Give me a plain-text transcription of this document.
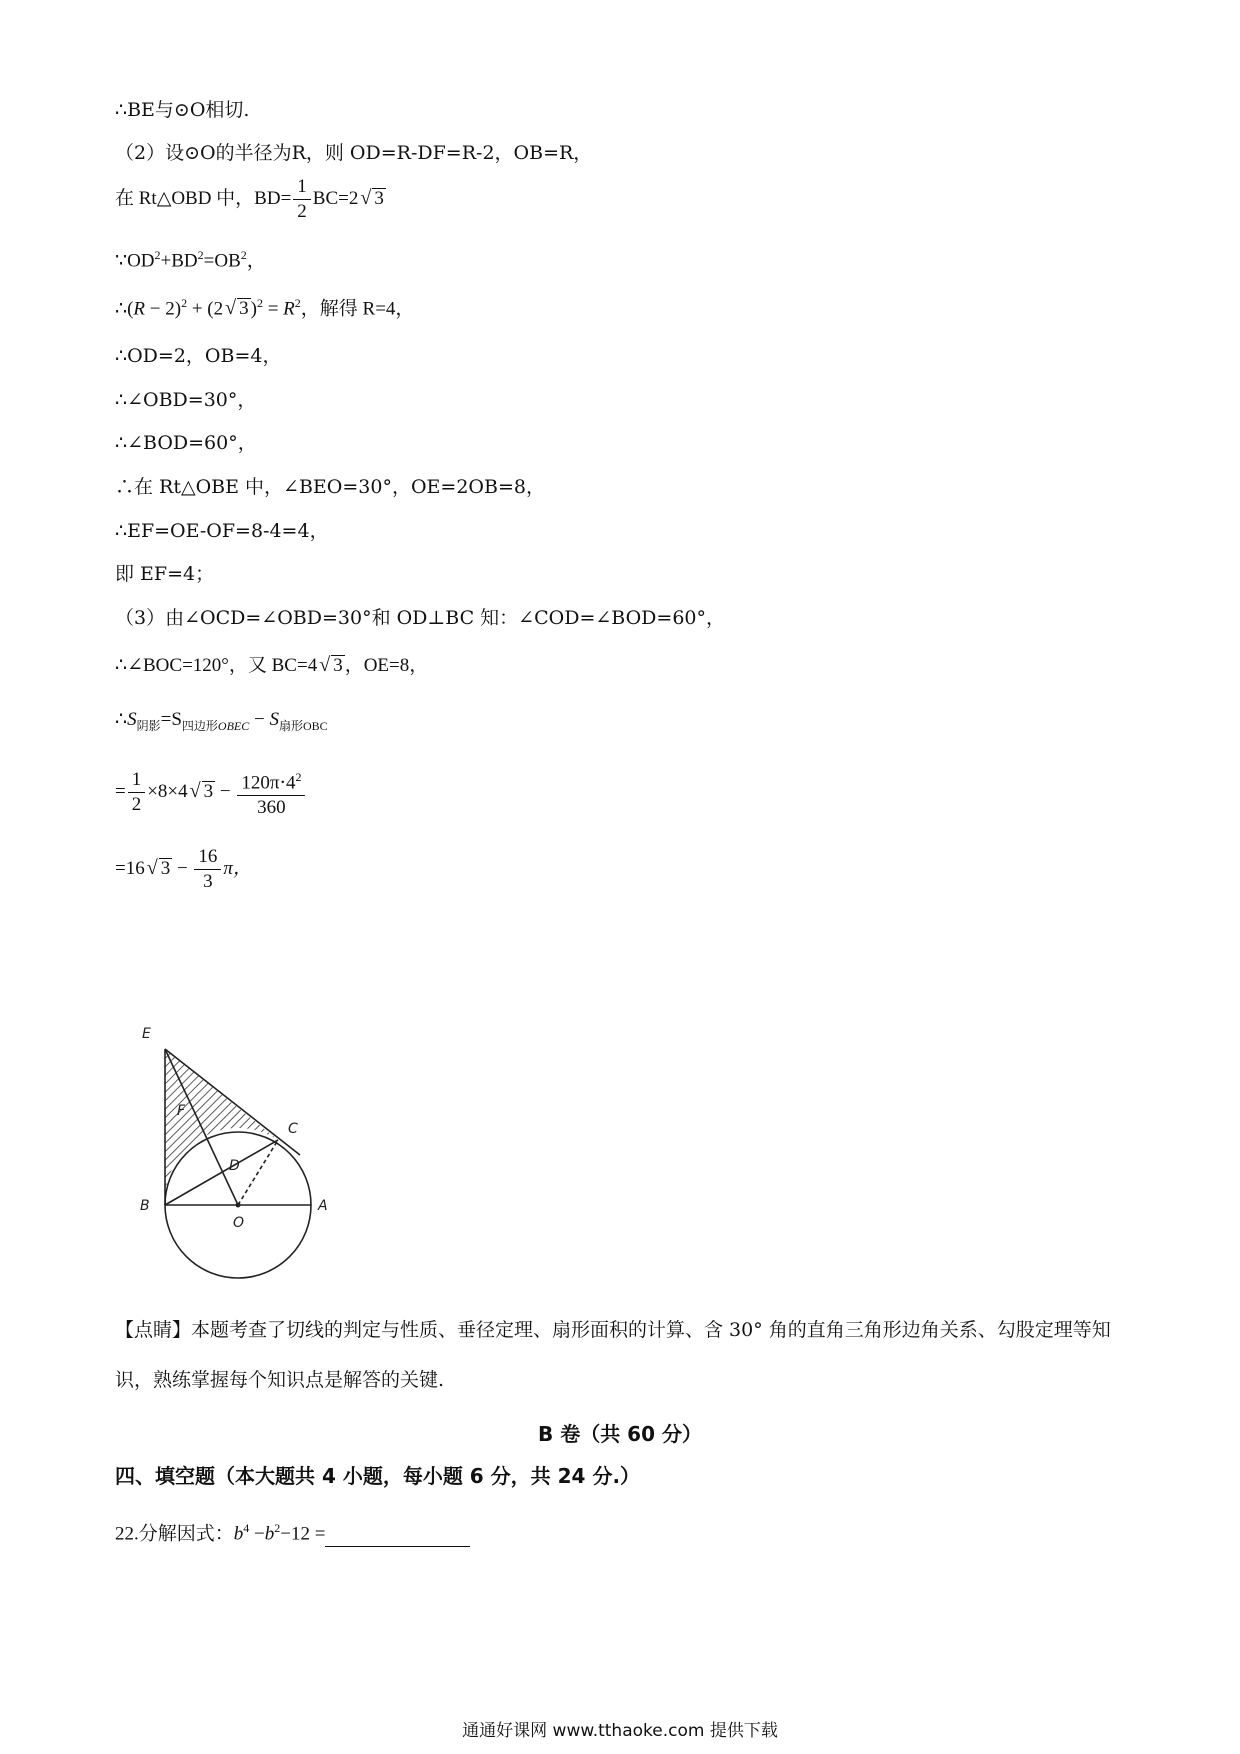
∴BE与⊙O相切.
（2）设⊙O的半径为R，则 OD=R-DF=R-2，OB=R，
在 Rt△OBD 中，$BD= \frac{1}{2} BC=2$ √ 3
$\because OD^2+BD^2=OB^2$，
∴(R − 2)$^2$ + (2 √ 3 )$^2 = R^2$，解得 R=4，
∴OD=2，OB=4，
∴∠OBD=30°，
∴∠BOD=60°，
∴在 Rt△OBE 中，∠BEO=30°，OE=2OB=8，
∴EF=OE-OF=8-4=4，
即 EF=4；
（3）由∠OCD=∠OBD=30°和 OD⊥BC 知：∠COD=∠BOD=60°，
∴∠BOC=120°，又 BC=4 √ 3 ，OE=8，
$\therefore S_{阴影}=S_{四边形OBEC} - S_{扇形OBC}$
= $\frac{1}{2} \times 8\times 4$ √ $3 - \frac{120\pi\cdot 4^2}{360}$
=16 √ $3 - \frac{16}{3}$ π，
E
F
C
D
B
O
A
【点睛】本题考查了切线的判定与性质、垂径定理、扇形面积的计算、含 30° 角的直角三角形边角关系、勾股定理等知识，熟练掌握每个知识点是解答的关键.
B 卷（共 60 分）
四、填空题（本大题共 4 小题，每小题 6 分，共 24 分.）
22.分解因式：$b^4 -b^2-12$ =
通通好课网 www.tthaoke.com 提供下载
